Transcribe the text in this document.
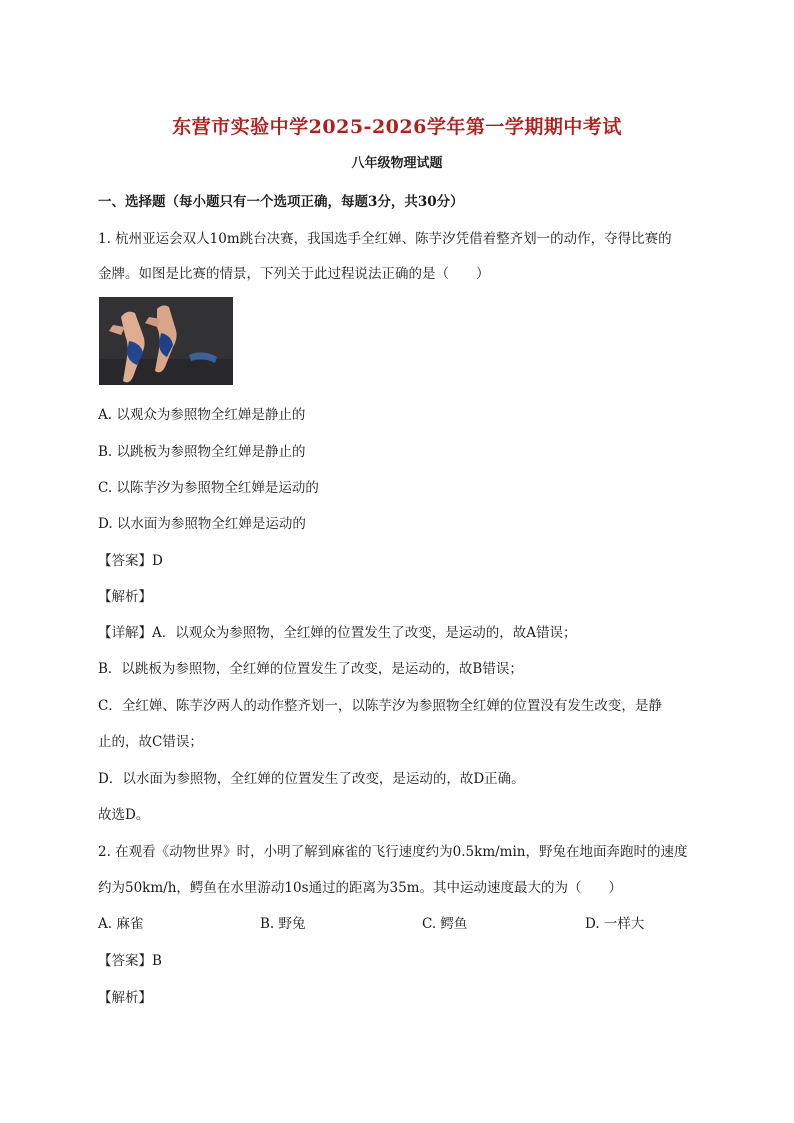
东营市实验中学2025-2026学年第一学期期中考试
八年级物理试题
一、选择题（每小题只有一个选项正确，每题3分，共30分）
1. 杭州亚运会双人10m跳台决赛，我国选手全红婵、陈芋汐凭借着整齐划一的动作，夺得比赛的
金牌。如图是比赛的情景，下列关于此过程说法正确的是（　　）
A. 以观众为参照物全红婵是静止的
B. 以跳板为参照物全红婵是静止的
C. 以陈芋汐为参照物全红婵是运动的
D. 以水面为参照物全红婵是运动的
【答案】D
【解析】
【详解】A．以观众为参照物，全红婵的位置发生了改变，是运动的，故A错误；
B．以跳板为参照物，全红婵的位置发生了改变，是运动的，故B错误；
C．全红婵、陈芋汐两人的动作整齐划一，以陈芋汐为参照物全红婵的位置没有发生改变，是静
止的，故C错误；
D．以水面为参照物，全红婵的位置发生了改变，是运动的，故D正确。
故选D。
2. 在观看《动物世界》时，小明了解到麻雀的飞行速度约为0.5km/min，野兔在地面奔跑时的速度
约为50km/h，鳄鱼在水里游动10s通过的距离为35m。其中运动速度最大的为（　　）
A. 麻雀	B. 野兔	C. 鳄鱼	D. 一样大
【答案】B
【解析】
